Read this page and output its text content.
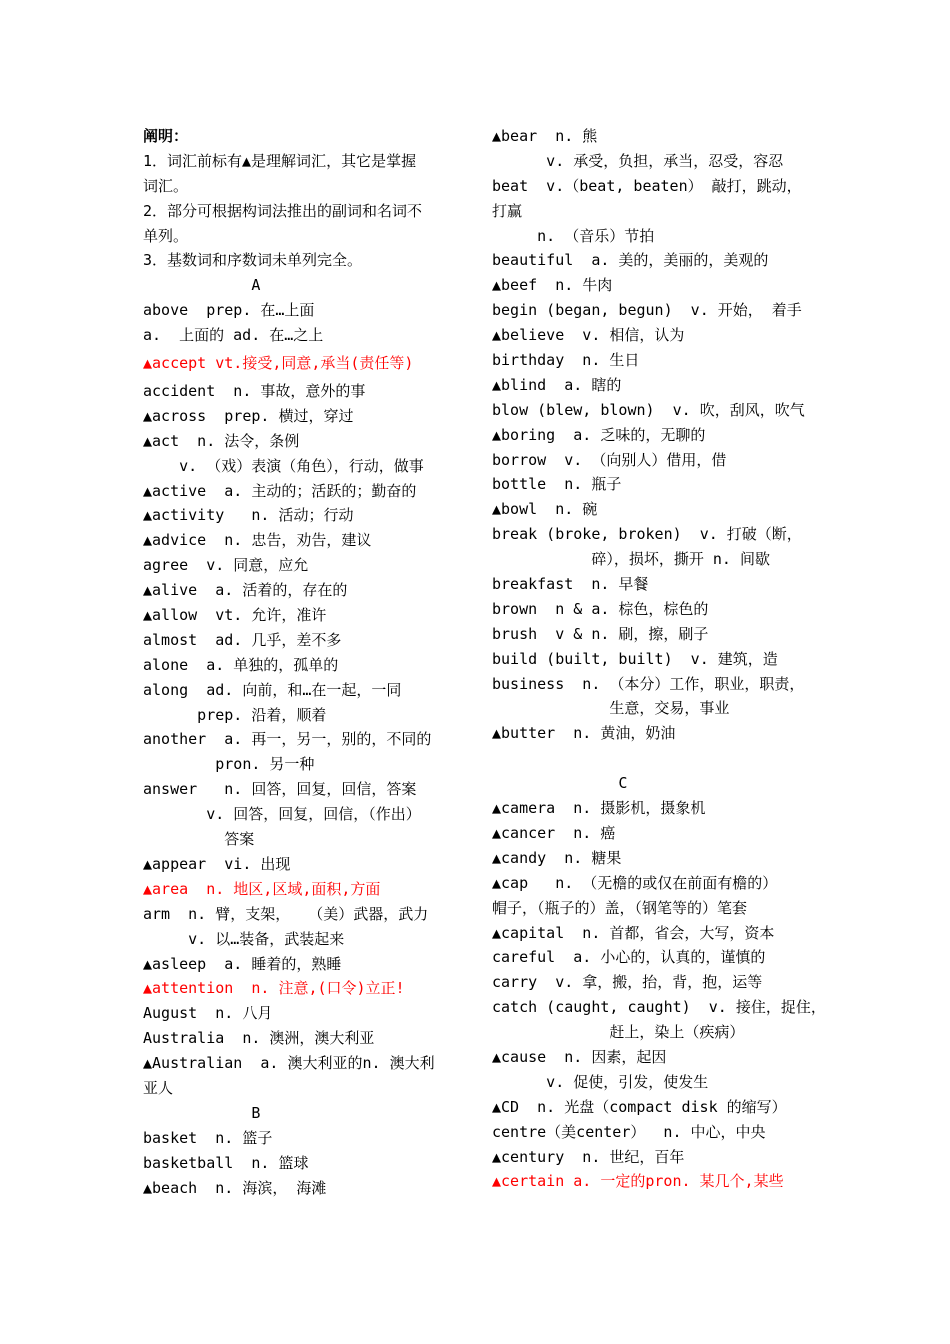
阐明：
1．词汇前标有▲是理解词汇，其它是掌握
词汇。
2．部分可根据构词法推出的副词和名词不
单列。
3．基数词和序数词未单列完全。
A
above  prep. 在…上面
a.  上面的 ad. 在…之上
▲accept vt.接受,同意,承当(责任等)
accident  n. 事故，意外的事
▲across  prep. 横过，穿过
▲act  n. 法令，条例
v. （戏）表演（角色），行动，做事
▲active  a. 主动的；活跃的；勤奋的
▲activity   n. 活动；行动
▲advice  n. 忠告，劝告，建议
agree  v. 同意，应允
▲alive  a. 活着的，存在的
▲allow  vt. 允许，准许
almost  ad. 几乎，差不多
alone  a. 单独的，孤单的
along  ad. 向前，和…在一起，一同
prep. 沿着，顺着
another  a. 再一，另一，别的，不同的
pron. 另一种
answer   n. 回答，回复，回信，答案
v. 回答，回复，回信，（作出）
答案
▲appear  vi. 出现
▲area  n. 地区,区域,面积,方面
arm  n. 臂，支架，  （美）武器，武力
v. 以…装备，武装起来
▲asleep  a. 睡着的，熟睡
▲attention  n. 注意,(口令)立正!
August  n. 八月
Australia  n. 澳洲，澳大利亚
▲Australian  a. 澳大利亚的n. 澳大利
亚人
B
basket  n. 篮子
basketball  n. 篮球
▲beach  n. 海滨， 海滩
▲bear  n. 熊
v. 承受，负担，承当，忍受，容忍
beat  v.（beat, beaten） 敲打，跳动，
打赢
n. （音乐）节拍
beautiful  a. 美的，美丽的，美观的
▲beef  n. 牛肉
begin (began, begun)  v. 开始， 着手
▲believe  v. 相信，认为
birthday  n. 生日
▲blind  a. 瞎的
blow (blew, blown)  v. 吹，刮风，吹气
▲boring  a. 乏味的，无聊的
borrow  v. （向别人）借用，借
bottle  n. 瓶子
▲bowl  n. 碗
break (broke, broken)  v. 打破（断，
碎），损坏，撕开 n. 间歇
breakfast  n. 早餐
brown  n & a. 棕色，棕色的
brush  v & n. 刷，擦，刷子
build (built, built)  v. 建筑，造
business  n. （本分）工作，职业，职责，
生意，交易，事业
▲butter  n. 黄油，奶油
C
▲camera  n. 摄影机，摄象机
▲cancer  n. 癌
▲candy  n. 糖果
▲cap   n. （无檐的或仅在前面有檐的）
帽子，（瓶子的）盖，（钢笔等的）笔套
▲capital  n. 首都，省会，大写，资本
careful  a. 小心的，认真的，谨慎的
carry  v. 拿，搬，抬，背，抱，运等
catch (caught, caught)  v. 接住，捉住，
赶上，染上（疾病）
▲cause  n. 因素，起因
v. 促使，引发，使发生
▲CD  n. 光盘（compact disk 的缩写）
centre（美center）  n. 中心，中央
▲century  n. 世纪，百年
▲certain a. 一定的pron. 某几个,某些
